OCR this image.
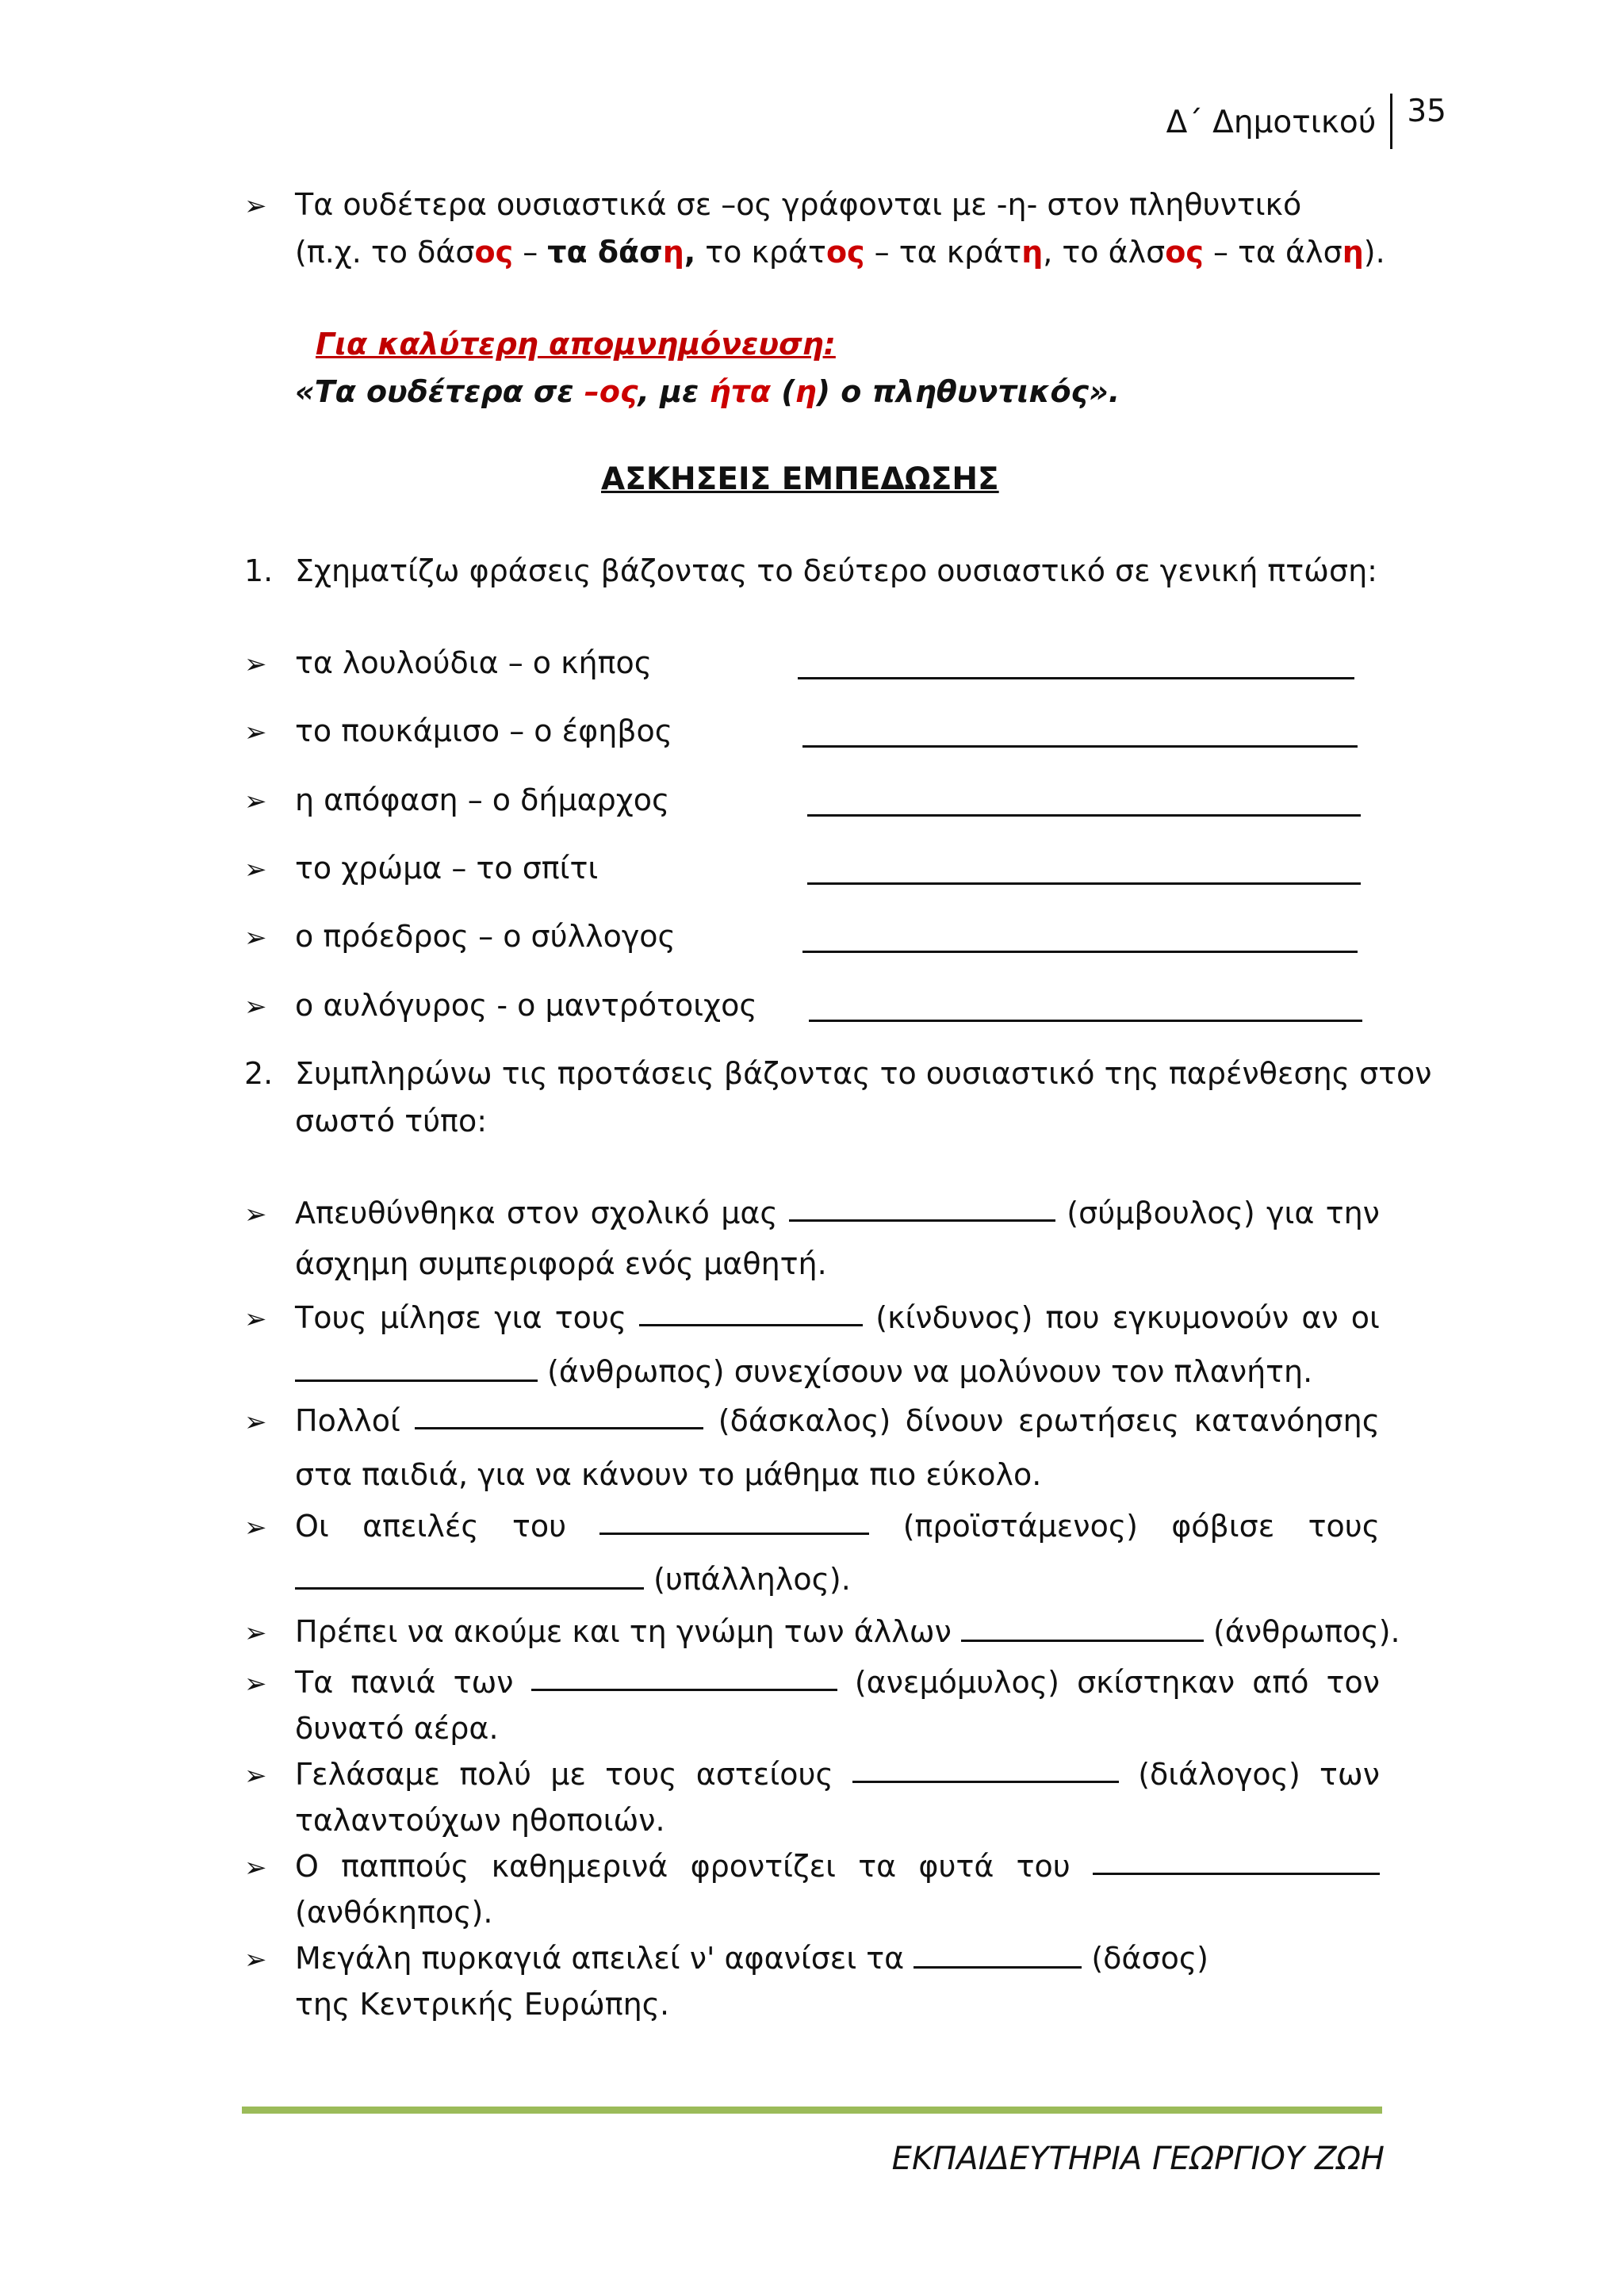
Δ΄ Δημοτικού	35
➢ Τα ουδέτερα ουσιαστικά σε –ος γράφονται με -η- στον πληθυντικό
(π.χ. το δάσος – τα δάση, το κράτος – τα κράτη, το άλσος – τα άλση).
Για καλύτερη απομνημόνευση:
«Τα ουδέτερα σε –ος, με ήτα (η) ο πληθυντικός».
ΑΣΚΗΣΕΙΣ ΕΜΠΕΔΩΣΗΣ
1. Σχηματίζω φράσεις βάζοντας το δεύτερο ουσιαστικό σε γενική πτώση:
➢ τα λουλούδια – ο κήπος
➢ το πουκάμισο – ο έφηβος
➢ η απόφαση – ο δήμαρχος
➢ το χρώμα – το σπίτι
➢ ο πρόεδρος – ο σύλλογος
➢ ο αυλόγυρος - ο μαντρότοιχος
2. Συμπληρώνω τις προτάσεις βάζοντας το ουσιαστικό της παρένθεσης στον
σωστό τύπο:
➢ Απευθύνθηκα στον σχολικό μας	(σύμβουλος) για την
άσχημη συμπεριφορά ενός μαθητή.
➢ Τους μίλησε για τους	(κίνδυνος) που εγκυμονούν αν οι
(άνθρωπος) συνεχίσουν να μολύνουν τον πλανήτη.
➢ Πολλοί	(δάσκαλος) δίνουν ερωτήσεις κατανόησης
στα παιδιά, για να κάνουν το μάθημα πιο εύκολο.
➢ Οι απειλές του	(προϊστάμενος) φόβισε τους
(υπάλληλος).
➢ Πρέπει να ακούμε και τη γνώμη των άλλων	(άνθρωπος).
➢ Τα πανιά των	(ανεμόμυλος) σκίστηκαν από τον
δυνατό αέρα.
➢ Γελάσαμε πολύ με τους αστείους	(διάλογος) των
ταλαντούχων ηθοποιών.
➢ Ο παππούς καθημερινά φροντίζει τα φυτά του
(ανθόκηπος).
➢ Μεγάλη πυρκαγιά απειλεί ν' αφανίσει τα	(δάσος)
της Κεντρικής Ευρώπης.
ΕΚΠΑΙΔΕΥΤΗΡΙΑ ΓΕΩΡΓΙΟΥ ΖΩΗ
